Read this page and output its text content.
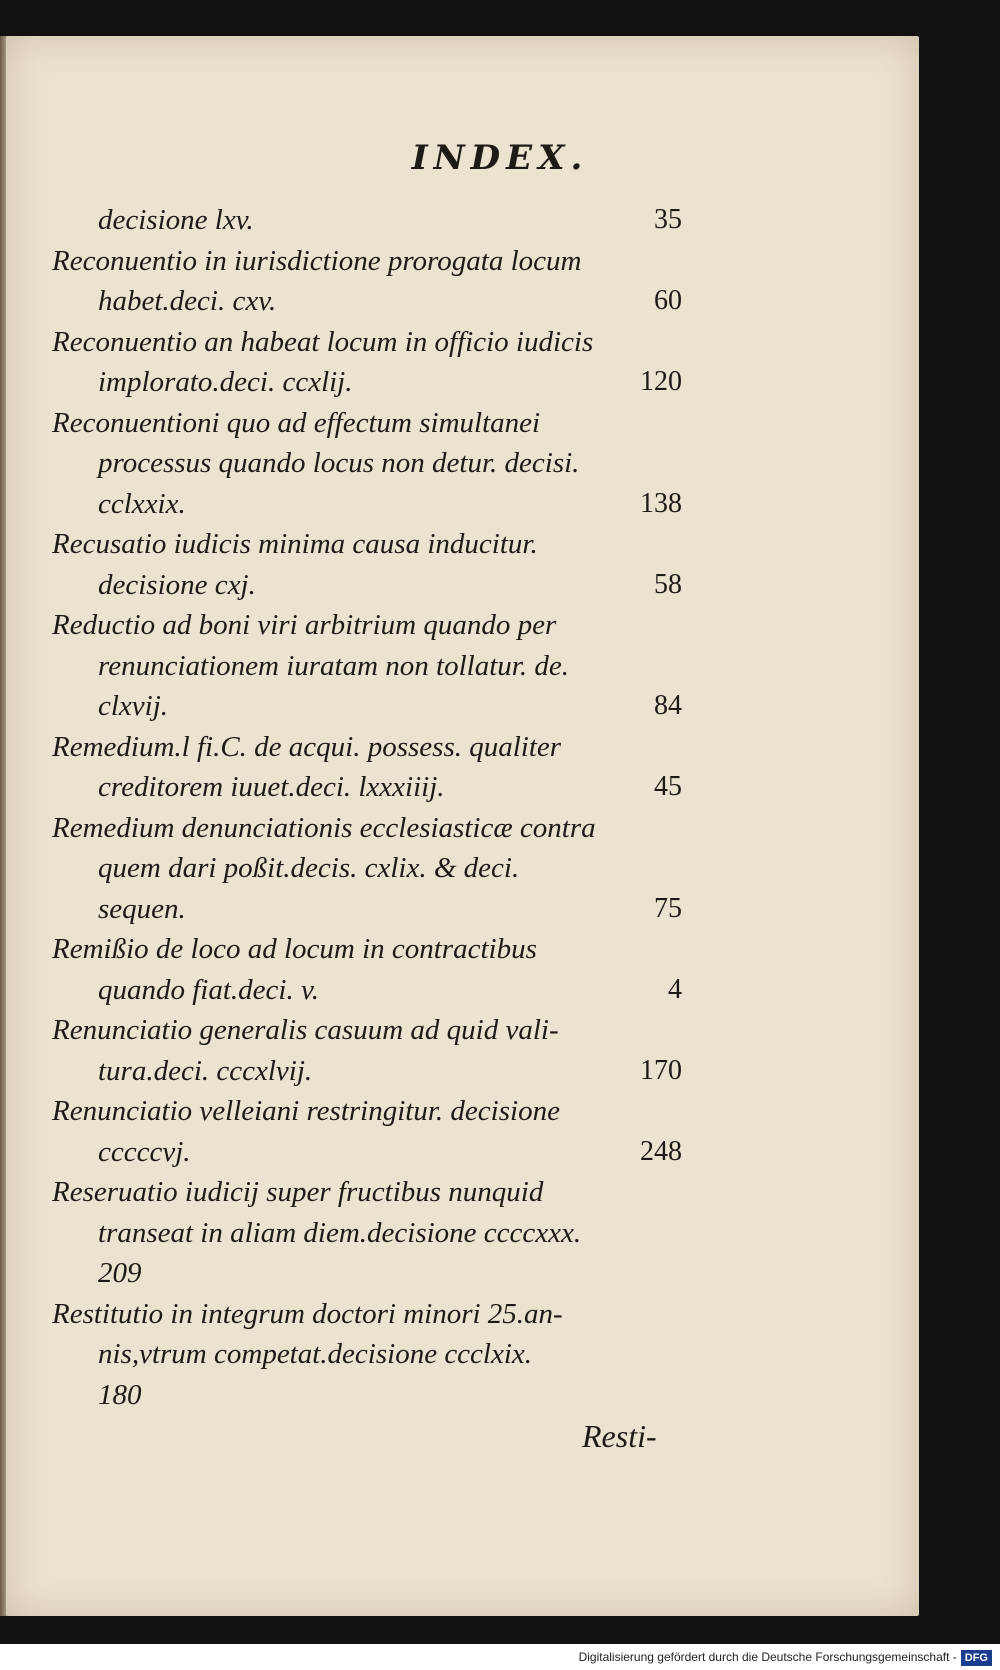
INDEX.
decisione lxv.	35
Reconuentio in iurisdictione prorogata locum
habet.deci. cxv.	60
Reconuentio an habeat locum in officio iudicis
implorato.deci. ccxlij.	120
Reconuentioni quo ad effectum simultanei
processus quando locus non detur. decisi.
cclxxix.	138
Recusatio iudicis minima causa inducitur.
decisione cxj.	58
Reductio ad boni viri arbitrium quando per
renunciationem iuratam non tollatur. de.
clxvij.	84
Remedium.l fi.C. de acqui. possess. qualiter
creditorem iuuet.deci. lxxxiiij.	45
Remedium denunciationis ecclesiasticæ contra
quem dari poßit.decis. cxlix. & deci.
sequen.	75
Remißio de loco ad locum in contractibus
quando fiat.deci. v.	4
Renunciatio generalis casuum ad quid vali-
tura.deci. cccxlvij.	170
Renunciatio velleiani restringitur. decisione
cccccvj.	248
Reseruatio iudicij super fructibus nunquid
transeat in aliam diem.decisione ccccxxx.
209
Restitutio in integrum doctori minori 25.an-
nis,vtrum competat.decisione ccclxix.
180
Resti-
Digitalisierung gefördert durch die Deutsche Forschungsgemeinschaft - DFG
